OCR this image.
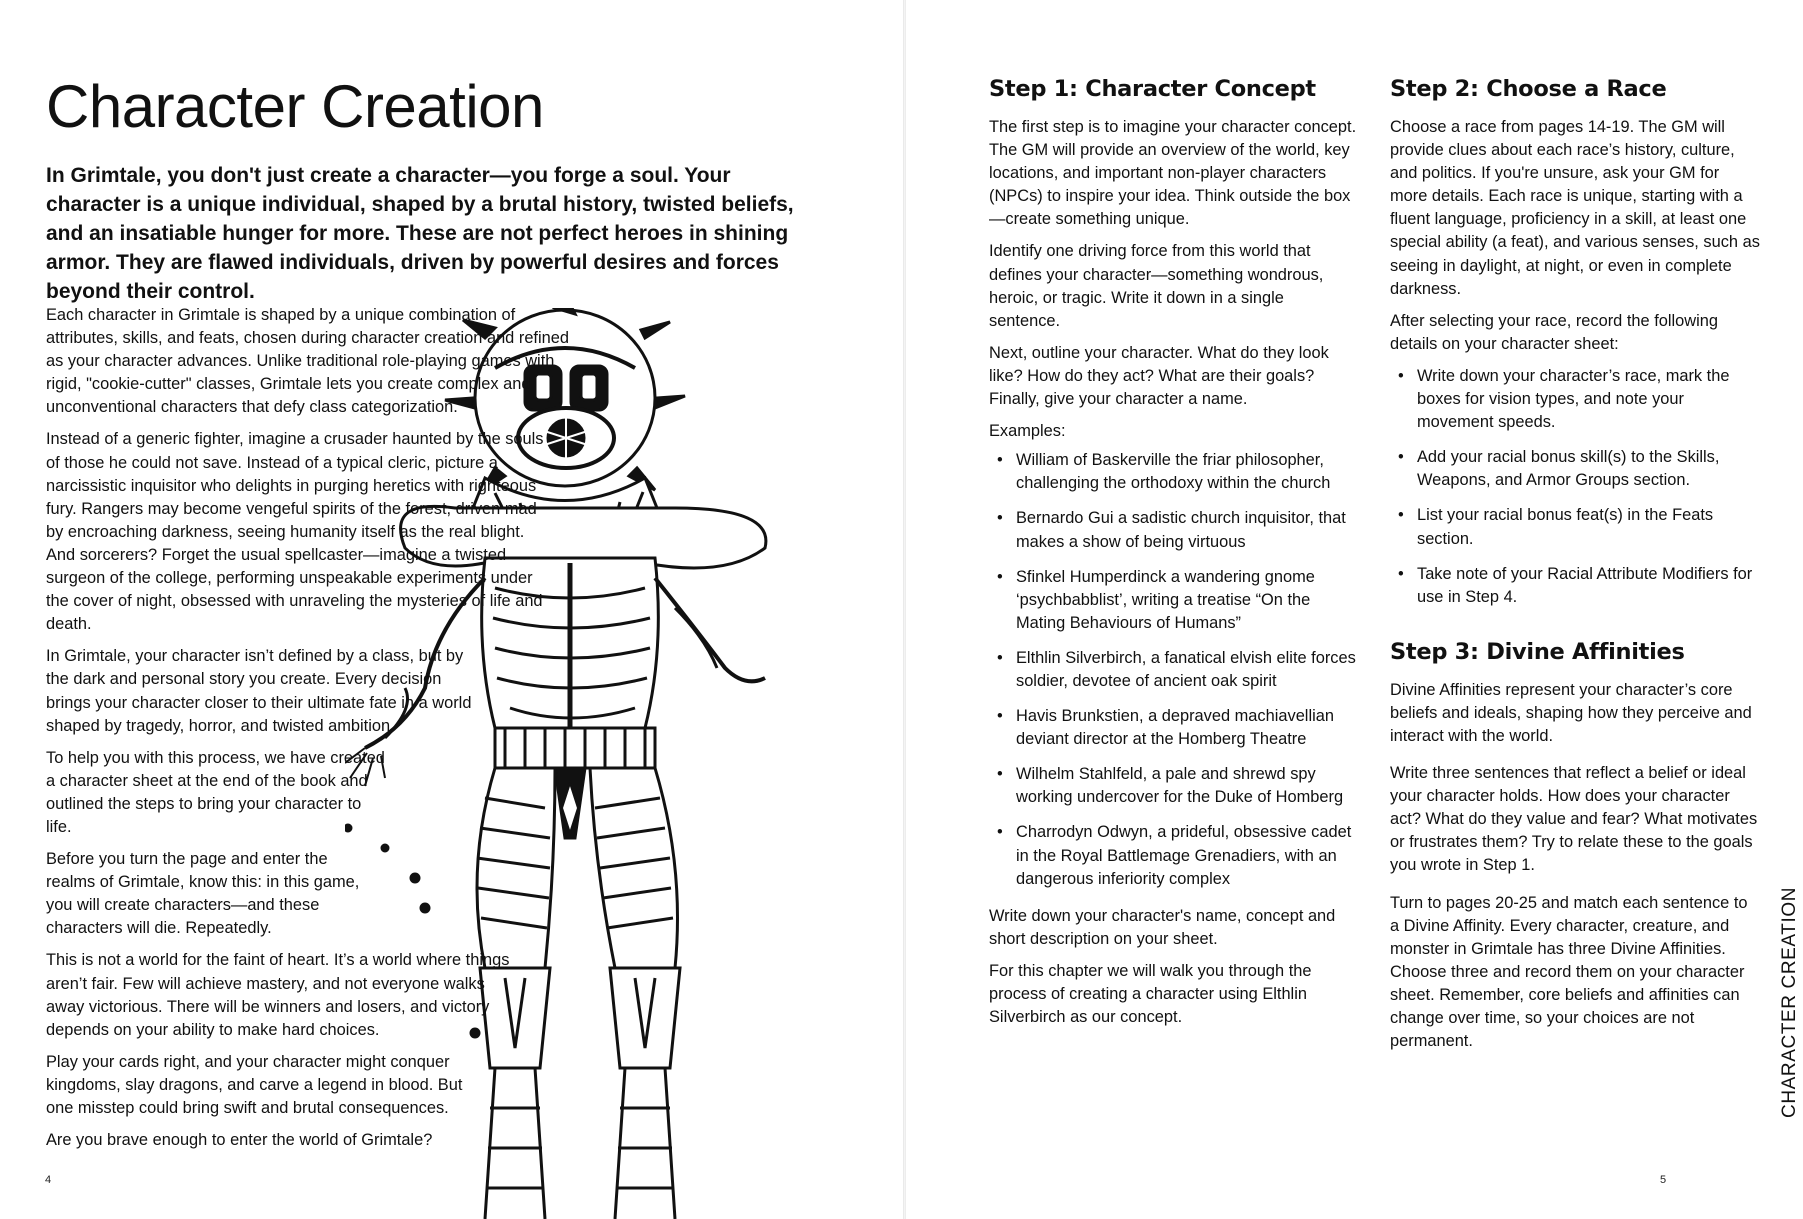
Character Creation
In Grimtale, you don't just create a character—you forge a soul. Your character is a unique individual, shaped by a brutal history, twisted beliefs, and an insatiable hunger for more. These are not perfect heroes in shining armor. They are flawed individuals, driven by powerful desires and forces beyond their control.

Each character in Grimtale is shaped by a unique combination of attributes, skills, and feats, chosen during character creation and refined as your character advances. Unlike traditional role-playing games with rigid, "cookie-cutter" classes, Grimtale lets you create complex and unconventional characters that defy class categorization.

Instead of a generic fighter, imagine a crusader haunted by the souls of those he could not save. Instead of a typical cleric, picture a narcissistic inquisitor who delights in purging heretics with righteous fury. Rangers may become vengeful spirits of the forest, driven mad by encroaching darkness, seeing humanity itself as the real blight. And sorcerers? Forget the usual spellcaster—imagine a twisted surgeon of the college, performing unspeakable experiments under the cover of night, obsessed with unraveling the mysteries of life and death.

In Grimtale, your character isn’t defined by a class, but by the dark and personal story you create. Every decision brings your character closer to their ultimate fate in a world shaped by tragedy, horror, and twisted ambition.

To help you with this process, we have created a character sheet at the end of the book and outlined the steps to bring your character to life.

Before you turn the page and enter the realms of Grimtale, know this: in this game, you will create characters—and these characters will die. Repeatedly.

This is not a world for the faint of heart. It’s a world where things aren’t fair. Few will achieve mastery, and not everyone walks away victorious. There will be winners and losers, and victory depends on your ability to make hard choices.

Play your cards right, and your character might conquer kingdoms, slay dragons, and carve a legend in blood. But one misstep could bring swift and brutal consequences.

Are you brave enough to enter the world of Grimtale?

4
Step 1: Character Concept

The first step is to imagine your character concept. The GM will provide an overview of the world, key locations, and important non-player characters (NPCs) to inspire your idea. Think outside the box—create something unique.

Identify one driving force from this world that defines your character—something wondrous, heroic, or tragic. Write it down in a single sentence.

Next, outline your character. What do they look like? How do they act? What are their goals? Finally, give your character a name.

Examples:

• William of Baskerville the friar philosopher, challenging the orthodoxy within the church
• Bernardo Gui a sadistic church inquisitor, that makes a show of being virtuous
• Sfinkel Humperdinck a wandering gnome ‘psychbabblist’, writing a treatise “On the Mating Behaviours of Humans”
• Elthlin Silverbirch, a fanatical elvish elite forces soldier, devotee of ancient oak spirit
• Havis Brunkstien, a depraved machiavellian deviant director at the Homberg Theatre
• Wilhelm Stahlfeld, a pale and shrewd spy working undercover for the Duke of Homberg
• Charrodyn Odwyn, a prideful, obsessive cadet in the Royal Battlemage Grenadiers, with an dangerous inferiority complex

Write down your character's name, concept and short description on your sheet.

For this chapter we will walk you through the process of creating a character using Elthlin Silverbirch as our concept.

Step 2: Choose a Race

Choose a race from pages 14-19. The GM will provide clues about each race’s history, culture, and politics. If you're unsure, ask your GM for more details. Each race is unique, starting with a fluent language, proficiency in a skill, at least one special ability (a feat), and various senses, such as seeing in daylight, at night, or even in complete darkness.

After selecting your race, record the following details on your character sheet:

• Write down your character’s race, mark the boxes for vision types, and note your movement speeds.
• Add your racial bonus skill(s) to the Skills, Weapons, and Armor Groups section.
• List your racial bonus feat(s) in the Feats section.
• Take note of your Racial Attribute Modifiers for use in Step 4.
Step 3: Divine Affinities

Divine Affinities represent your character’s core beliefs and ideals, shaping how they perceive and interact with the world.

Write three sentences that reflect a belief or ideal your character holds. How does your character act? What do they value and fear? What motivates or frustrates them? Try to relate these to the goals you wrote in Step 1.

Turn to pages 20-25 and match each sentence to a Divine Affinity. Every character, creature, and monster in Grimtale has three Divine Affinities. Choose three and record them on your character sheet. Remember, core beliefs and affinities can change over time, so your choices are not permanent.	CHARACTER CREATION
5
